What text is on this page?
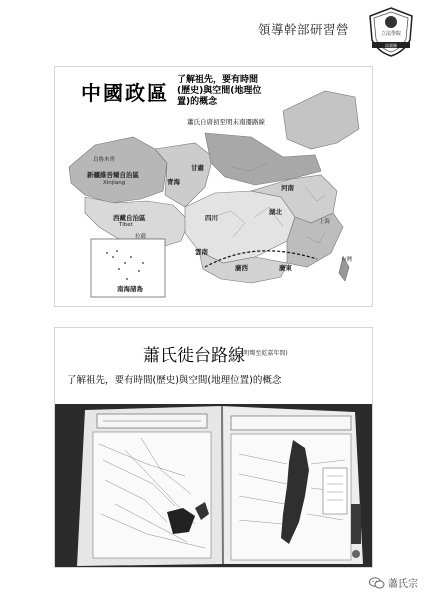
領導幹部研習營	立法學院
苗栗縣
中國政區
了解祖先，要有時間
(歷史)與空間(地理位
置)的概念
蕭氏自唐初至明末南遷路線
新疆維吾爾自治區
Xinjiang
烏魯木齊
西藏自治區
Tibet
拉薩
青海
甘肅
四川
雲南
廣西	廣東
湖北
河南
上海
台灣
南海諸島
蕭氏徙台路線
(明鄭至乾嘉年間)
了解祖先，要有時間(歷史)與空間(地理位置)的概念
蕭氏宗
